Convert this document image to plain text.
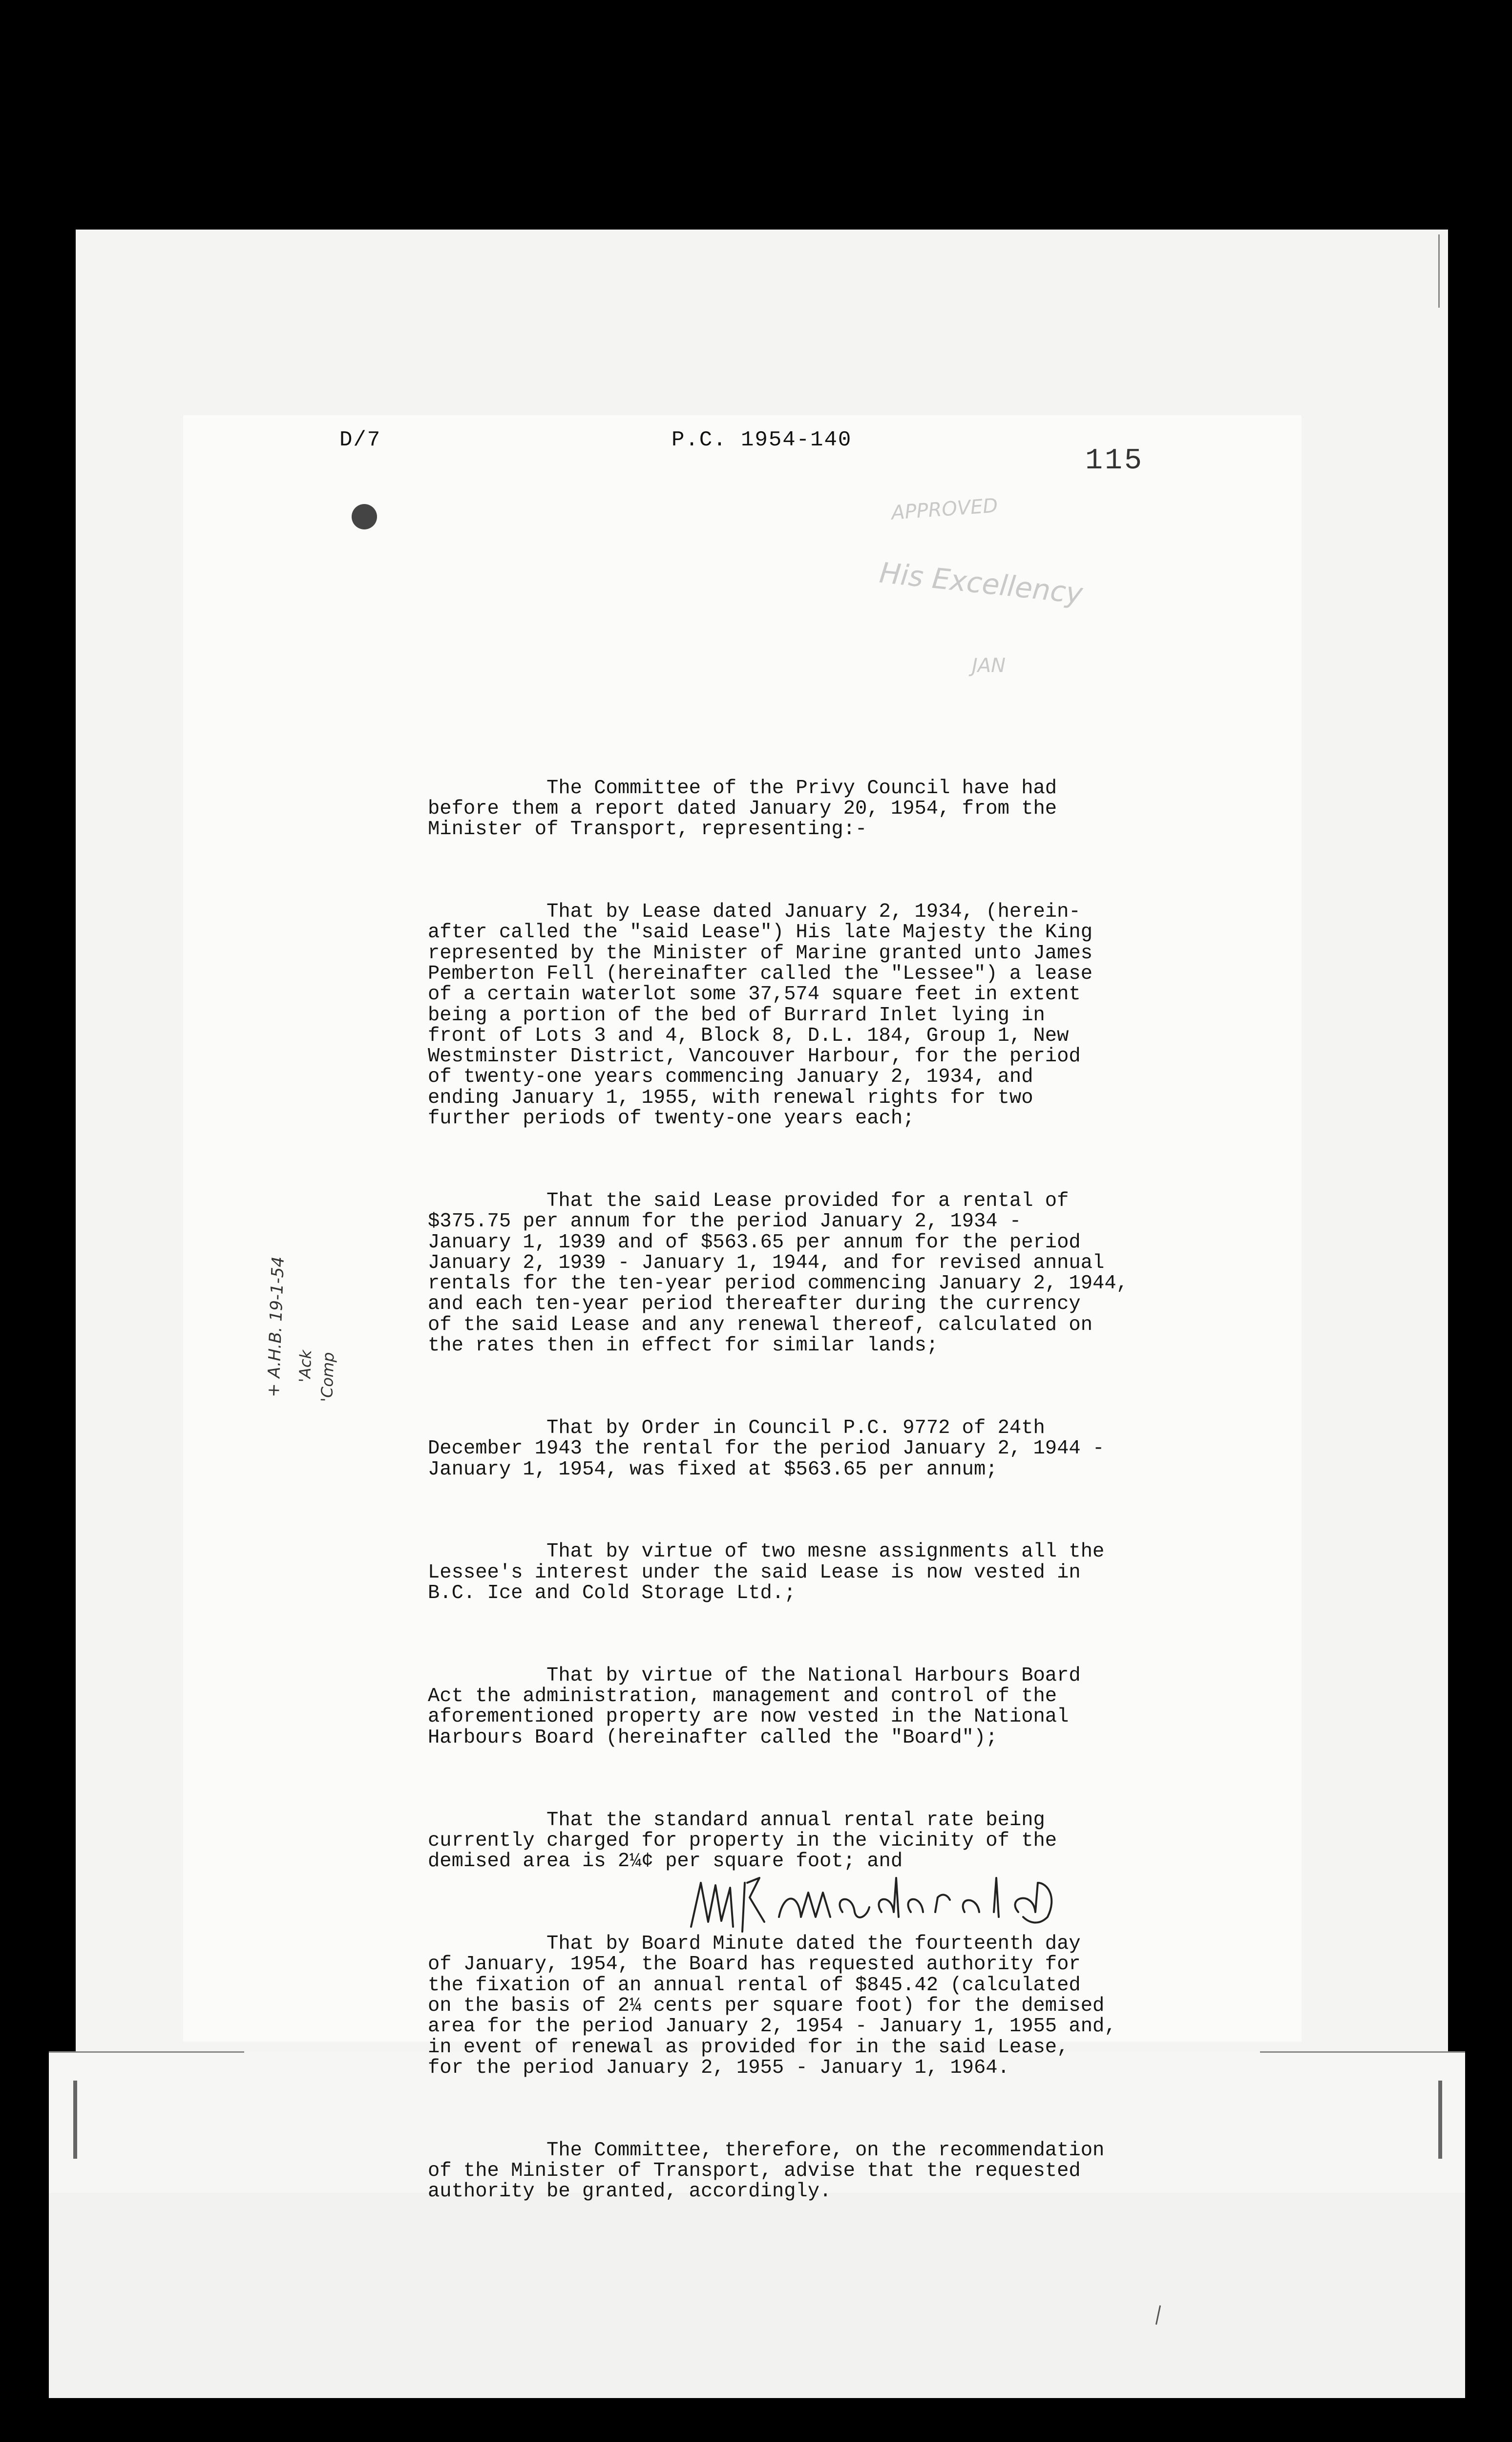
D/7	P.C. 1954-140
115
APPROVED
His Excellency
JAN
+ A.H.B. 19-1-54 'Ack 'Comp

The Committee of the Privy Council have had
before them a report dated January 20, 1954, from the
Minister of Transport, representing:-

That by Lease dated January 2, 1934, (herein-
after called the "said Lease") His late Majesty the King
represented by the Minister of Marine granted unto James
Pemberton Fell (hereinafter called the "Lessee") a lease
of a certain waterlot some 37,574 square feet in extent
being a portion of the bed of Burrard Inlet lying in
front of Lots 3 and 4, Block 8, D.L. 184, Group 1, New
Westminster District, Vancouver Harbour, for the period
of twenty-one years commencing January 2, 1934, and
ending January 1, 1955, with renewal rights for two
further periods of twenty-one years each;

That the said Lease provided for a rental of
$375.75 per annum for the period January 2, 1934 -
January 1, 1939 and of $563.65 per annum for the period
January 2, 1939 - January 1, 1944, and for revised annual
rentals for the ten-year period commencing January 2, 1944,
and each ten-year period thereafter during the currency
of the said Lease and any renewal thereof, calculated on
the rates then in effect for similar lands;

That by Order in Council P.C. 9772 of 24th
December 1943 the rental for the period January 2, 1944 -
January 1, 1954, was fixed at $563.65 per annum;

That by virtue of two mesne assignments all the
Lessee's interest under the said Lease is now vested in
B.C. Ice and Cold Storage Ltd.;

That by virtue of the National Harbours Board
Act the administration, management and control of the
aforementioned property are now vested in the National
Harbours Board (hereinafter called the "Board");

That the standard annual rental rate being
currently charged for property in the vicinity of the
demised area is 2¼¢ per square foot; and

That by Board Minute dated the fourteenth day
of January, 1954, the Board has requested authority for
the fixation of an annual rental of $845.42 (calculated
on the basis of 2¼ cents per square foot) for the demised
area for the period January 2, 1954 - January 1, 1955 and,
in event of renewal as provided for in the said Lease,
for the period January 2, 1955 - January 1, 1964.

The Committee, therefore, on the recommendation
of the Minister of Transport, advise that the requested
authority be granted, accordingly.
